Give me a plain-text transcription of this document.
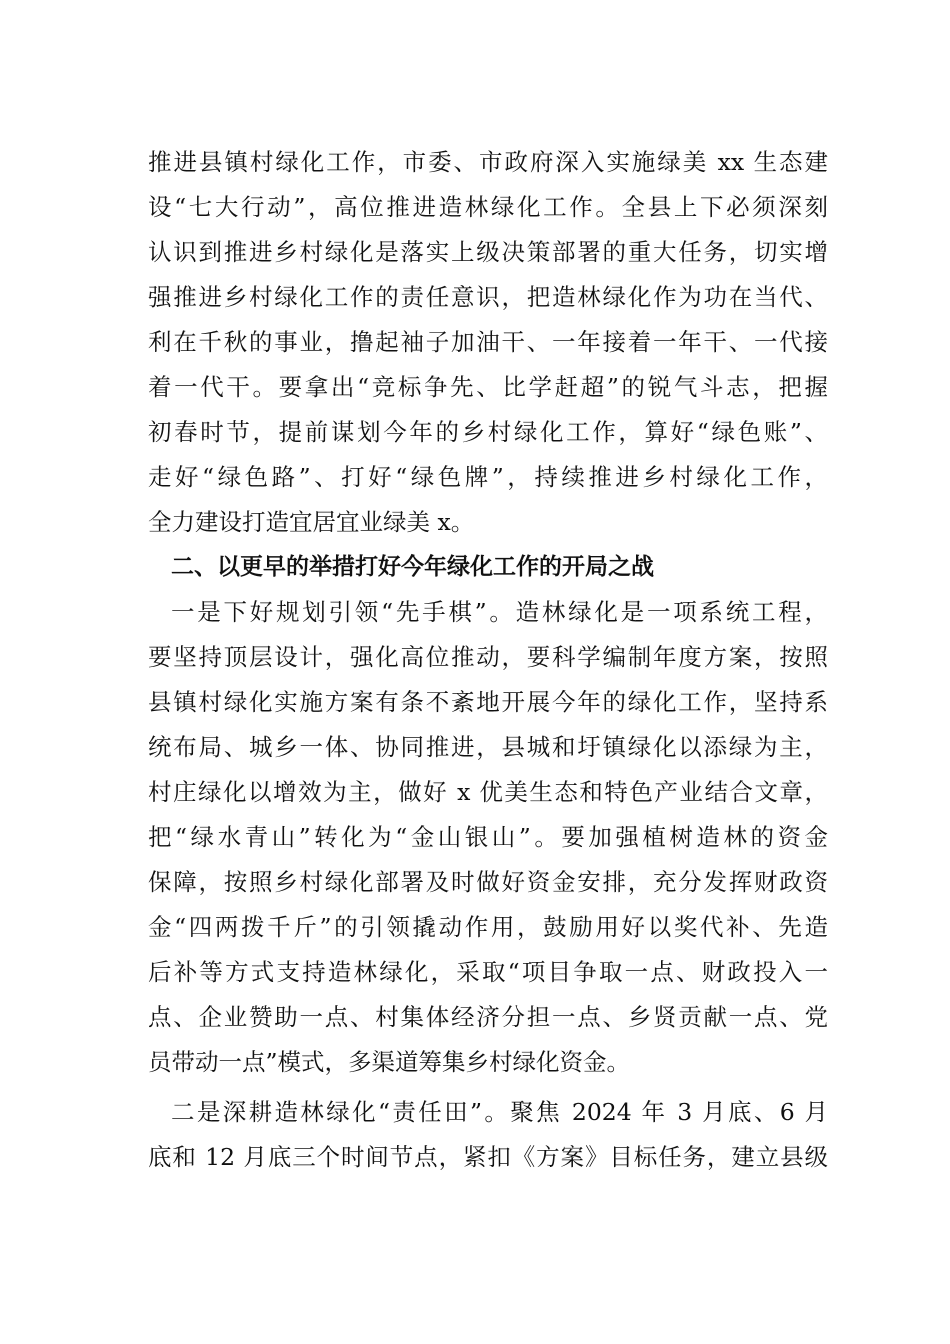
推进县镇村绿化工作，市委、市政府深入实施绿美 xx 生态建
设“七大行动”，高位推进造林绿化工作。全县上下必须深刻
认识到推进乡村绿化是落实上级决策部署的重大任务，切实增
强推进乡村绿化工作的责任意识，把造林绿化作为功在当代、
利在千秋的事业，撸起袖子加油干、一年接着一年干、一代接
着一代干。要拿出“竞标争先、比学赶超”的锐气斗志，把握
初春时节，提前谋划今年的乡村绿化工作，算好“绿色账”、
走好“绿色路”、打好“绿色牌”，持续推进乡村绿化工作，
全力建设打造宜居宜业绿美 x。
二、以更早的举措打好今年绿化工作的开局之战
一是下好规划引领“先手棋”。造林绿化是一项系统工程，
要坚持顶层设计，强化高位推动，要科学编制年度方案，按照
县镇村绿化实施方案有条不紊地开展今年的绿化工作，坚持系
统布局、城乡一体、协同推进，县城和圩镇绿化以添绿为主，
村庄绿化以增效为主，做好 x 优美生态和特色产业结合文章，
把“绿水青山”转化为“金山银山”。要加强植树造林的资金
保障，按照乡村绿化部署及时做好资金安排，充分发挥财政资
金“四两拨千斤”的引领撬动作用，鼓励用好以奖代补、先造
后补等方式支持造林绿化，采取“项目争取一点、财政投入一
点、企业赞助一点、村集体经济分担一点、乡贤贡献一点、党
员带动一点”模式，多渠道筹集乡村绿化资金。
二是深耕造林绿化“责任田”。聚焦 2024 年 3 月底、6 月
底和 12 月底三个时间节点，紧扣《方案》目标任务，建立县级
